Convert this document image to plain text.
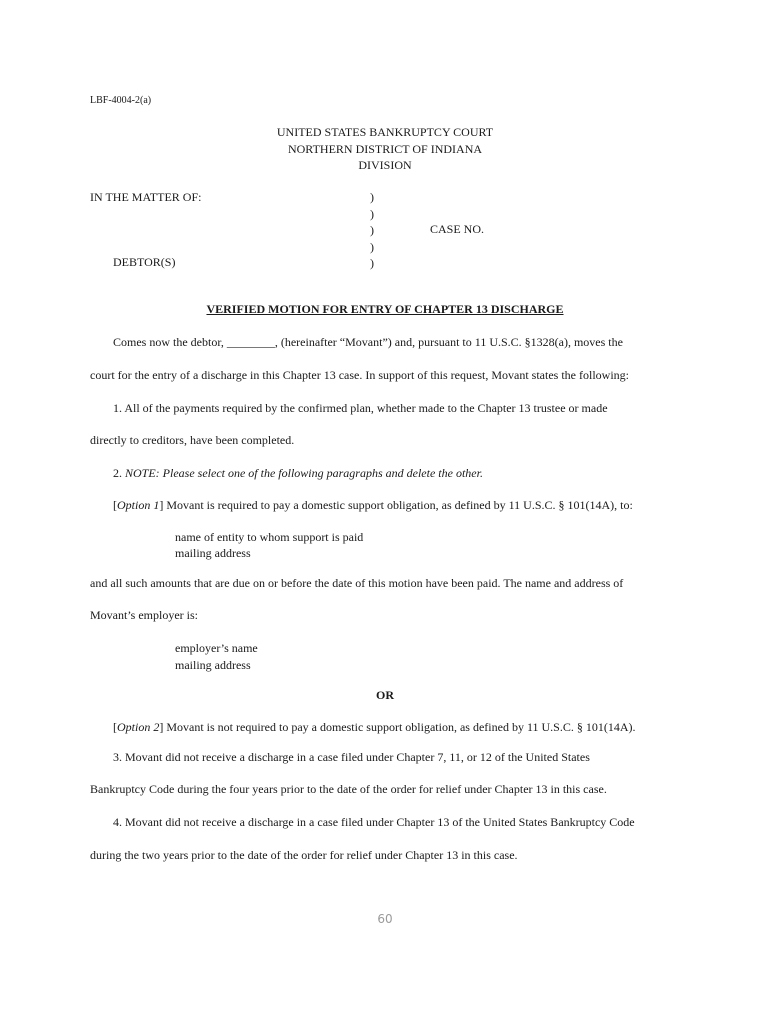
LBF-4004-2(a)
UNITED STATES BANKRUPTCY COURT
NORTHERN DISTRICT OF INDIANA
DIVISION
IN THE MATTER OF:
DEBTOR(S)
)
)
)
)
)
CASE NO.
VERIFIED MOTION FOR ENTRY OF CHAPTER 13 DISCHARGE
Comes now the debtor, ________, (hereinafter “Movant”) and, pursuant to 11 U.S.C. §1328(a), moves the
court for the entry of a discharge in this Chapter 13 case. In support of this request, Movant states the following:
1. All of the payments required by the confirmed plan, whether made to the Chapter 13 trustee or made
directly to creditors, have been completed.
2. NOTE: Please select one of the following paragraphs and delete the other.
[Option 1] Movant is required to pay a domestic support obligation, as defined by 11 U.S.C. § 101(14A), to:
name of entity to whom support is paid
mailing address
and all such amounts that are due on or before the date of this motion have been paid. The name and address of
Movant’s employer is:
employer’s name
mailing address
OR
[Option 2] Movant is not required to pay a domestic support obligation, as defined by 11 U.S.C. § 101(14A).
3. Movant did not receive a discharge in a case filed under Chapter 7, 11, or 12 of the United States
Bankruptcy Code during the four years prior to the date of the order for relief under Chapter 13 in this case.
4. Movant did not receive a discharge in a case filed under Chapter 13 of the United States Bankruptcy Code
during the two years prior to the date of the order for relief under Chapter 13 in this case.
60
